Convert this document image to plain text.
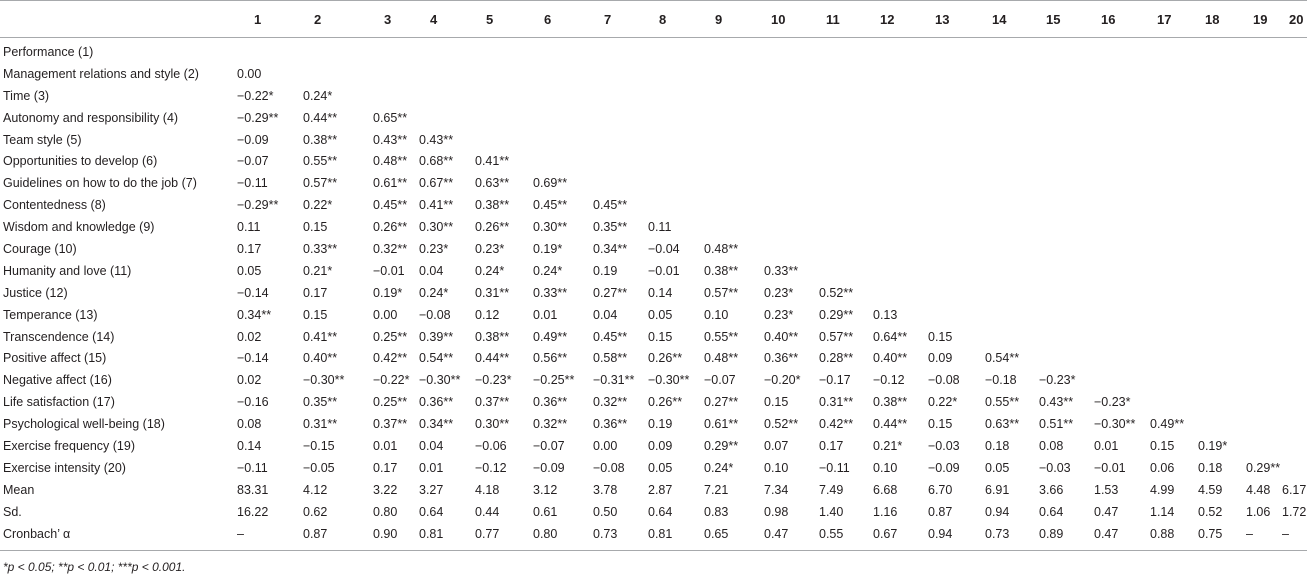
	1	2	3	4	5	6	7	8	9	10	11	12	13	14	15	16	17	18	19	20
Performance (1)																				
Management relations and style (2)	0.00																			
Time (3)	−0.22*	0.24*																		
Autonomy and responsibility (4)	−0.29**	0.44**	0.65**																	
Team style (5)	−0.09	0.38**	0.43**	0.43**																
Opportunities to develop (6)	−0.07	0.55**	0.48**	0.68**	0.41**															
Guidelines on how to do the job (7)	−0.11	0.57**	0.61**	0.67**	0.63**	0.69**														
Contentedness (8)	−0.29**	0.22*	0.45**	0.41**	0.38**	0.45**	0.45**													
Wisdom and knowledge (9)	0.11	0.15	0.26**	0.30**	0.26**	0.30**	0.35**	0.11												
Courage (10)	0.17	0.33**	0.32**	0.23*	0.23*	0.19*	0.34**	−0.04	0.48**											
Humanity and love (11)	0.05	0.21*	−0.01	0.04	0.24*	0.24*	0.19	−0.01	0.38**	0.33**										
Justice (12)	−0.14	0.17	0.19*	0.24*	0.31**	0.33**	0.27**	0.14	0.57**	0.23*	0.52**									
Temperance (13)	0.34**	0.15	0.00	−0.08	0.12	0.01	0.04	0.05	0.10	0.23*	0.29**	0.13								
Transcendence (14)	0.02	0.41**	0.25**	0.39**	0.38**	0.49**	0.45**	0.15	0.55**	0.40**	0.57**	0.64**	0.15							
Positive affect (15)	−0.14	0.40**	0.42**	0.54**	0.44**	0.56**	0.58**	0.26**	0.48**	0.36**	0.28**	0.40**	0.09	0.54**						
Negative affect (16)	0.02	−0.30**	−0.22*	−0.30**	−0.23*	−0.25**	−0.31**	−0.30**	−0.07	−0.20*	−0.17	−0.12	−0.08	−0.18	−0.23*					
Life satisfaction (17)	−0.16	0.35**	0.25**	0.36**	0.37**	0.36**	0.32**	0.26**	0.27**	0.15	0.31**	0.38**	0.22*	0.55**	0.43**	−0.23*				
Psychological well-being (18)	0.08	0.31**	0.37**	0.34**	0.30**	0.32**	0.36**	0.19	0.61**	0.52**	0.42**	0.44**	0.15	0.63**	0.51**	−0.30**	0.49**			
Exercise frequency (19)	0.14	−0.15	0.01	0.04	−0.06	−0.07	0.00	0.09	0.29**	0.07	0.17	0.21*	−0.03	0.18	0.08	0.01	0.15	0.19*		
Exercise intensity (20)	−0.11	−0.05	0.17	0.01	−0.12	−0.09	−0.08	0.05	0.24*	0.10	−0.11	0.10	−0.09	0.05	−0.03	−0.01	0.06	0.18	0.29**	
Mean	83.31	4.12	3.22	3.27	4.18	3.12	3.78	2.87	7.21	7.34	7.49	6.68	6.70	6.91	3.66	1.53	4.99	4.59	4.48	6.17
Sd.	16.22	0.62	0.80	0.64	0.44	0.61	0.50	0.64	0.83	0.98	1.40	1.16	0.87	0.94	0.64	0.47	1.14	0.52	1.06	1.72
Cronbach’ α	–	0.87	0.90	0.81	0.77	0.80	0.73	0.81	0.65	0.47	0.55	0.67	0.94	0.73	0.89	0.47	0.88	0.75	–	–
*p < 0.05; **p < 0.01; ***p < 0.001.
